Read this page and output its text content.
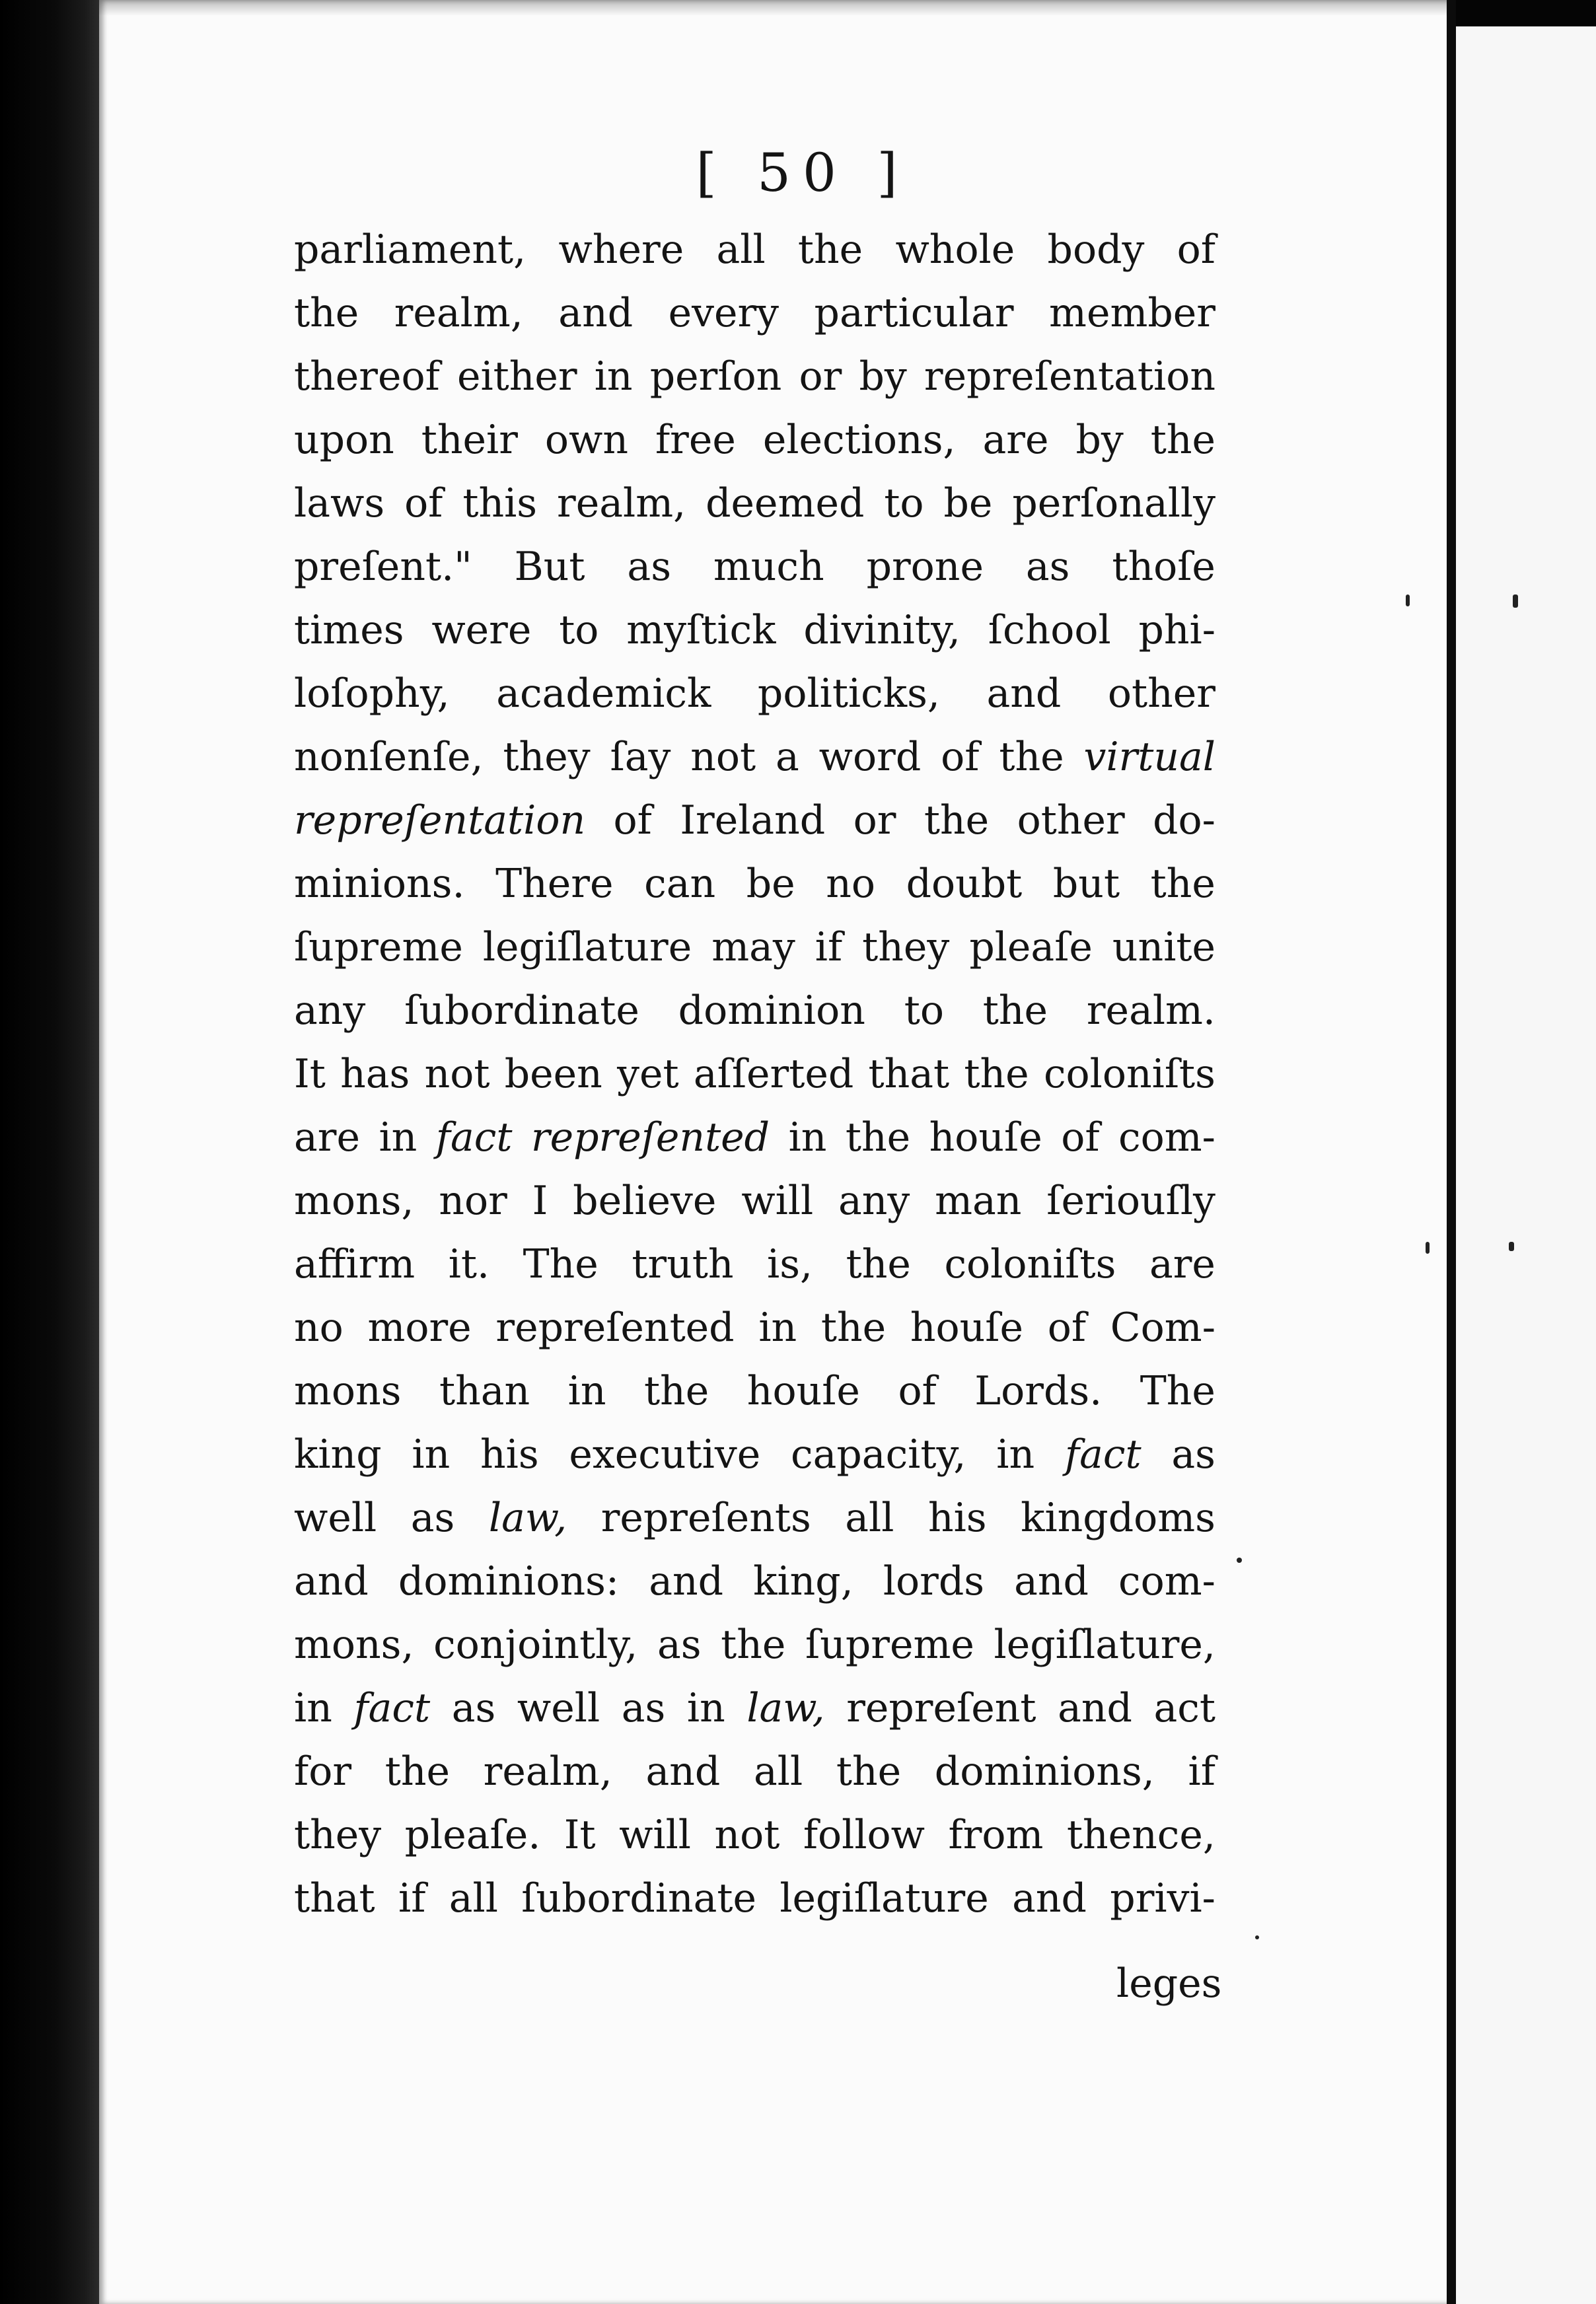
[ 50 ]
parliament, where all the whole body of
the realm, and every particular member
thereof either in perſon or by repreſentation
upon their own free elections, are by the
laws of this realm, deemed to be perſonally
preſent." But as much prone as thoſe
times were to myſtick divinity, ſchool phi-
loſophy, academick politicks, and other
nonſenſe, they ſay not a word of the virtual
repreſentation of Ireland or the other do-
minions. There can be no doubt but the
ſupreme legiſlature may if they pleaſe unite
any ſubordinate dominion to the realm.
It has not been yet aſſerted that the coloniſts
are in fact repreſented in the houſe of com-
mons, nor I believe will any man ſeriouſly
affirm it. The truth is, the coloniſts are
no more repreſented in the houſe of Com-
mons than in the houſe of Lords. The
king in his executive capacity, in fact as
well as law, repreſents all his kingdoms
and dominions: and king, lords and com-
mons, conjointly, as the ſupreme legiſlature,
in fact as well as in law, repreſent and act
for the realm, and all the dominions, if
they pleaſe. It will not follow from thence,
that if all ſubordinate legiſlature and privi-
leges
